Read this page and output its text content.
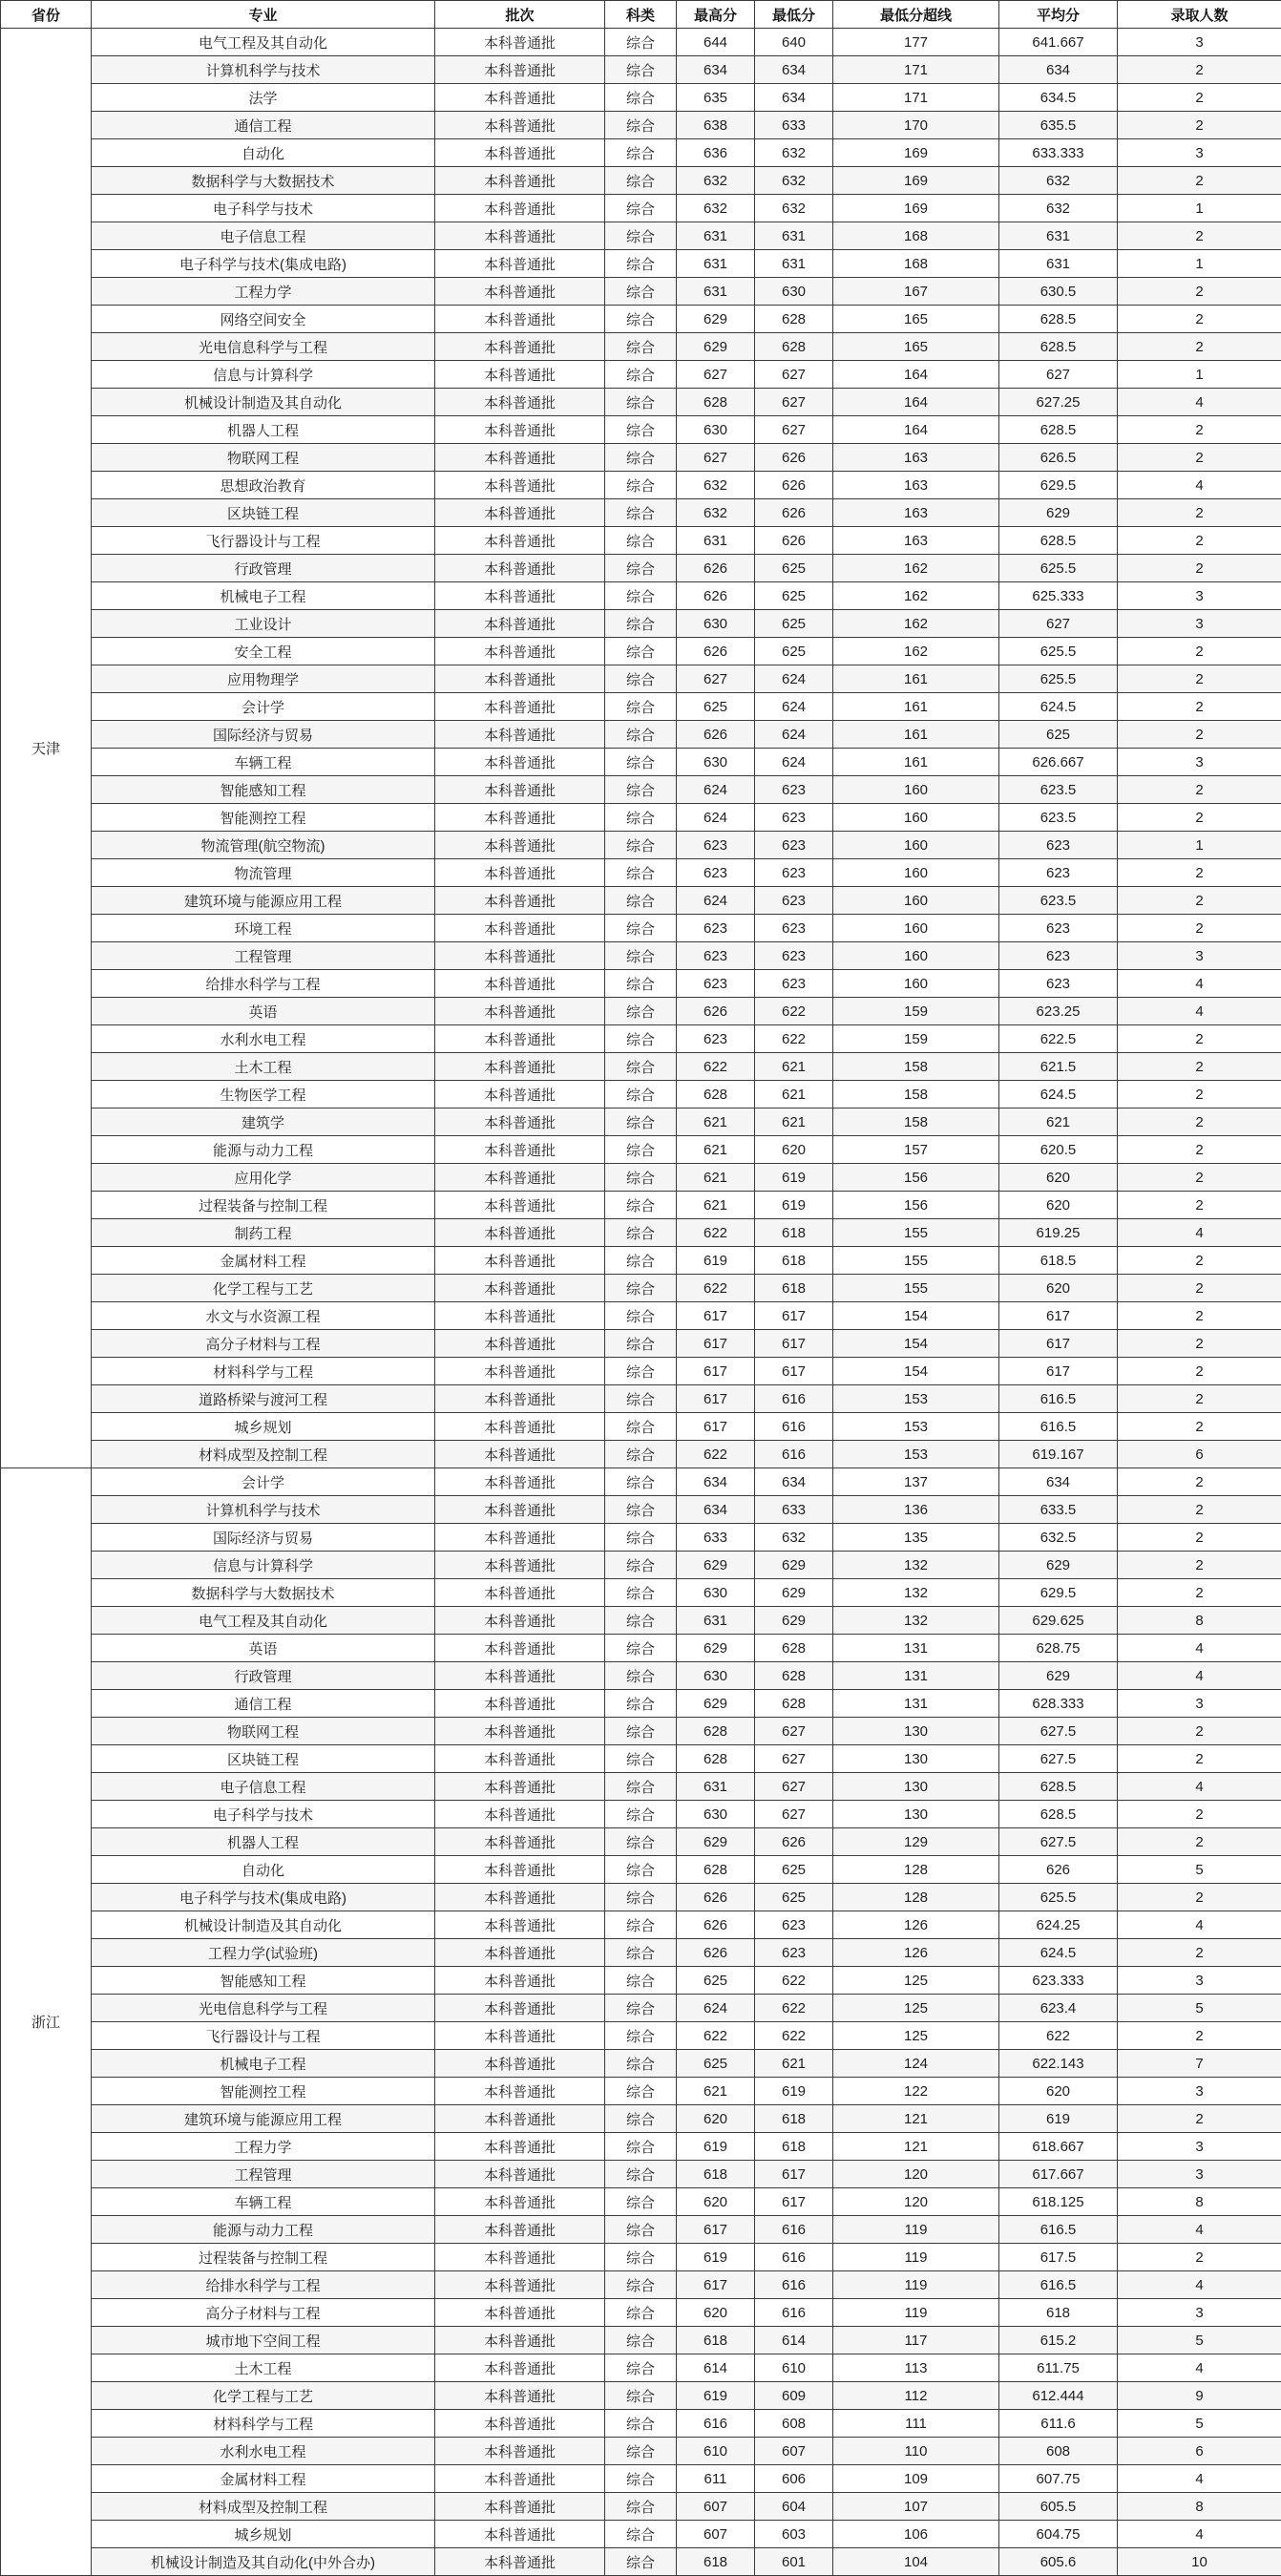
省份	专业	批次	科类	最高分	最低分	最低分超线	平均分	录取人数
天津	电气工程及其自动化	本科普通批	综合	644	640	177	641.667	3
	计算机科学与技术	本科普通批	综合	634	634	171	634	2
	法学	本科普通批	综合	635	634	171	634.5	2
	通信工程	本科普通批	综合	638	633	170	635.5	2
	自动化	本科普通批	综合	636	632	169	633.333	3
	数据科学与大数据技术	本科普通批	综合	632	632	169	632	2
	电子科学与技术	本科普通批	综合	632	632	169	632	1
	电子信息工程	本科普通批	综合	631	631	168	631	2
	电子科学与技术(集成电路)	本科普通批	综合	631	631	168	631	1
	工程力学	本科普通批	综合	631	630	167	630.5	2
	网络空间安全	本科普通批	综合	629	628	165	628.5	2
	光电信息科学与工程	本科普通批	综合	629	628	165	628.5	2
	信息与计算科学	本科普通批	综合	627	627	164	627	1
	机械设计制造及其自动化	本科普通批	综合	628	627	164	627.25	4
	机器人工程	本科普通批	综合	630	627	164	628.5	2
	物联网工程	本科普通批	综合	627	626	163	626.5	2
	思想政治教育	本科普通批	综合	632	626	163	629.5	4
	区块链工程	本科普通批	综合	632	626	163	629	2
	飞行器设计与工程	本科普通批	综合	631	626	163	628.5	2
	行政管理	本科普通批	综合	626	625	162	625.5	2
	机械电子工程	本科普通批	综合	626	625	162	625.333	3
	工业设计	本科普通批	综合	630	625	162	627	3
	安全工程	本科普通批	综合	626	625	162	625.5	2
	应用物理学	本科普通批	综合	627	624	161	625.5	2
	会计学	本科普通批	综合	625	624	161	624.5	2
	国际经济与贸易	本科普通批	综合	626	624	161	625	2
	车辆工程	本科普通批	综合	630	624	161	626.667	3
	智能感知工程	本科普通批	综合	624	623	160	623.5	2
	智能测控工程	本科普通批	综合	624	623	160	623.5	2
	物流管理(航空物流)	本科普通批	综合	623	623	160	623	1
	物流管理	本科普通批	综合	623	623	160	623	2
	建筑环境与能源应用工程	本科普通批	综合	624	623	160	623.5	2
	环境工程	本科普通批	综合	623	623	160	623	2
	工程管理	本科普通批	综合	623	623	160	623	3
	给排水科学与工程	本科普通批	综合	623	623	160	623	4
	英语	本科普通批	综合	626	622	159	623.25	4
	水利水电工程	本科普通批	综合	623	622	159	622.5	2
	土木工程	本科普通批	综合	622	621	158	621.5	2
	生物医学工程	本科普通批	综合	628	621	158	624.5	2
	建筑学	本科普通批	综合	621	621	158	621	2
	能源与动力工程	本科普通批	综合	621	620	157	620.5	2
	应用化学	本科普通批	综合	621	619	156	620	2
	过程装备与控制工程	本科普通批	综合	621	619	156	620	2
	制药工程	本科普通批	综合	622	618	155	619.25	4
	金属材料工程	本科普通批	综合	619	618	155	618.5	2
	化学工程与工艺	本科普通批	综合	622	618	155	620	2
	水文与水资源工程	本科普通批	综合	617	617	154	617	2
	高分子材料与工程	本科普通批	综合	617	617	154	617	2
	材料科学与工程	本科普通批	综合	617	617	154	617	2
	道路桥梁与渡河工程	本科普通批	综合	617	616	153	616.5	2
	城乡规划	本科普通批	综合	617	616	153	616.5	2
	材料成型及控制工程	本科普通批	综合	622	616	153	619.167	6
浙江	会计学	本科普通批	综合	634	634	137	634	2
	计算机科学与技术	本科普通批	综合	634	633	136	633.5	2
	国际经济与贸易	本科普通批	综合	633	632	135	632.5	2
	信息与计算科学	本科普通批	综合	629	629	132	629	2
	数据科学与大数据技术	本科普通批	综合	630	629	132	629.5	2
	电气工程及其自动化	本科普通批	综合	631	629	132	629.625	8
	英语	本科普通批	综合	629	628	131	628.75	4
	行政管理	本科普通批	综合	630	628	131	629	4
	通信工程	本科普通批	综合	629	628	131	628.333	3
	物联网工程	本科普通批	综合	628	627	130	627.5	2
	区块链工程	本科普通批	综合	628	627	130	627.5	2
	电子信息工程	本科普通批	综合	631	627	130	628.5	4
	电子科学与技术	本科普通批	综合	630	627	130	628.5	2
	机器人工程	本科普通批	综合	629	626	129	627.5	2
	自动化	本科普通批	综合	628	625	128	626	5
	电子科学与技术(集成电路)	本科普通批	综合	626	625	128	625.5	2
	机械设计制造及其自动化	本科普通批	综合	626	623	126	624.25	4
	工程力学(试验班)	本科普通批	综合	626	623	126	624.5	2
	智能感知工程	本科普通批	综合	625	622	125	623.333	3
	光电信息科学与工程	本科普通批	综合	624	622	125	623.4	5
	飞行器设计与工程	本科普通批	综合	622	622	125	622	2
	机械电子工程	本科普通批	综合	625	621	124	622.143	7
	智能测控工程	本科普通批	综合	621	619	122	620	3
	建筑环境与能源应用工程	本科普通批	综合	620	618	121	619	2
	工程力学	本科普通批	综合	619	618	121	618.667	3
	工程管理	本科普通批	综合	618	617	120	617.667	3
	车辆工程	本科普通批	综合	620	617	120	618.125	8
	能源与动力工程	本科普通批	综合	617	616	119	616.5	4
	过程装备与控制工程	本科普通批	综合	619	616	119	617.5	2
	给排水科学与工程	本科普通批	综合	617	616	119	616.5	4
	高分子材料与工程	本科普通批	综合	620	616	119	618	3
	城市地下空间工程	本科普通批	综合	618	614	117	615.2	5
	土木工程	本科普通批	综合	614	610	113	611.75	4
	化学工程与工艺	本科普通批	综合	619	609	112	612.444	9
	材料科学与工程	本科普通批	综合	616	608	111	611.6	5
	水利水电工程	本科普通批	综合	610	607	110	608	6
	金属材料工程	本科普通批	综合	611	606	109	607.75	4
	材料成型及控制工程	本科普通批	综合	607	604	107	605.5	8
	城乡规划	本科普通批	综合	607	603	106	604.75	4
	机械设计制造及其自动化(中外合办)	本科普通批	综合	618	601	104	605.6	10
